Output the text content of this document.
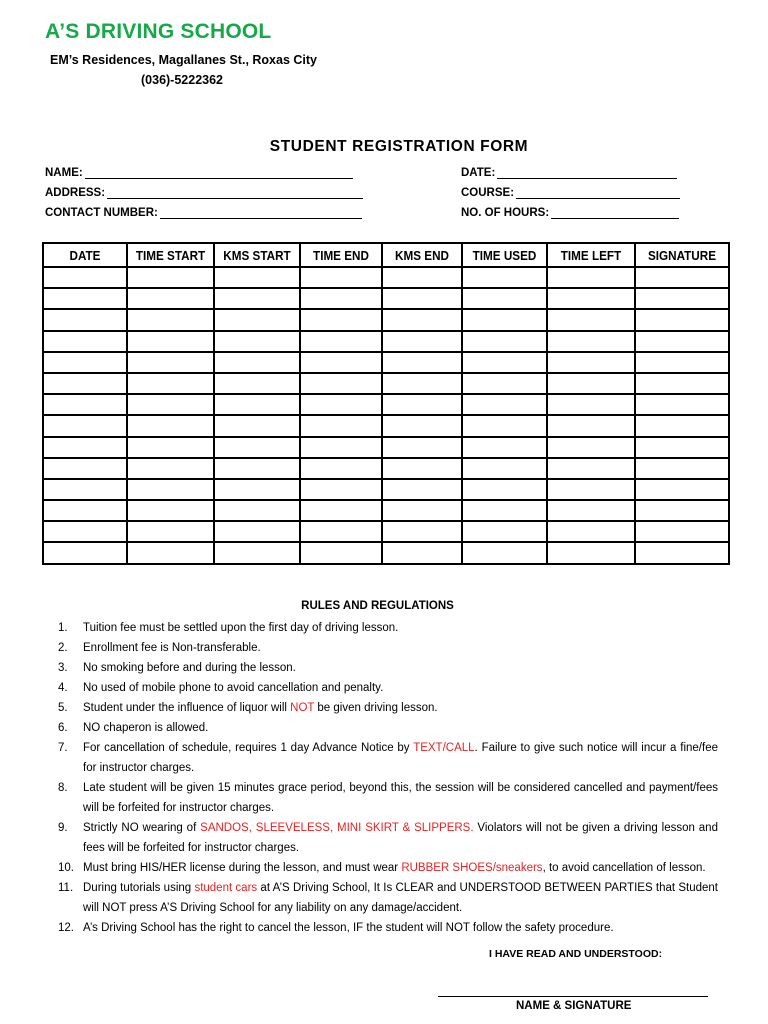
A’S DRIVING SCHOOL
EM’s Residences, Magallanes St., Roxas City
(036)-5222362
STUDENT REGISTRATION FORM
NAME:
ADDRESS:
CONTACT NUMBER:
DATE:
COURSE:
NO. OF HOURS:
DATE	TIME START	KMS START	TIME END	KMS END	TIME USED	TIME LEFT	SIGNATURE

RULES AND REGULATIONS
1. Tuition fee must be settled upon the first day of driving lesson.
2. Enrollment fee is Non-transferable.
3. No smoking before and during the lesson.
4. No used of mobile phone to avoid cancellation and penalty.
5. Student under the influence of liquor will NOT be given driving lesson.
6. NO chaperon is allowed.
7. For cancellation of schedule, requires 1 day Advance Notice by TEXT/CALL. Failure to give such notice will incur a fine/fee for instructor charges.
8. Late student will be given 15 minutes grace period, beyond this, the session will be considered cancelled and payment/fees will be forfeited for instructor charges.
9. Strictly NO wearing of SANDOS, SLEEVELESS, MINI SKIRT & SLIPPERS. Violators will not be given a driving lesson and fees will be forfeited for instructor charges.
10. Must bring HIS/HER license during the lesson, and must wear RUBBER SHOES/sneakers, to avoid cancellation of lesson.
11. During tutorials using student cars at A’S Driving School, It Is CLEAR and UNDERSTOOD BETWEEN PARTIES that Student will NOT press A’S Driving School for any liability on any damage/accident.
12. A’s Driving School has the right to cancel the lesson, IF the student will NOT follow the safety procedure.
I HAVE READ AND UNDERSTOOD:
NAME & SIGNATURE
